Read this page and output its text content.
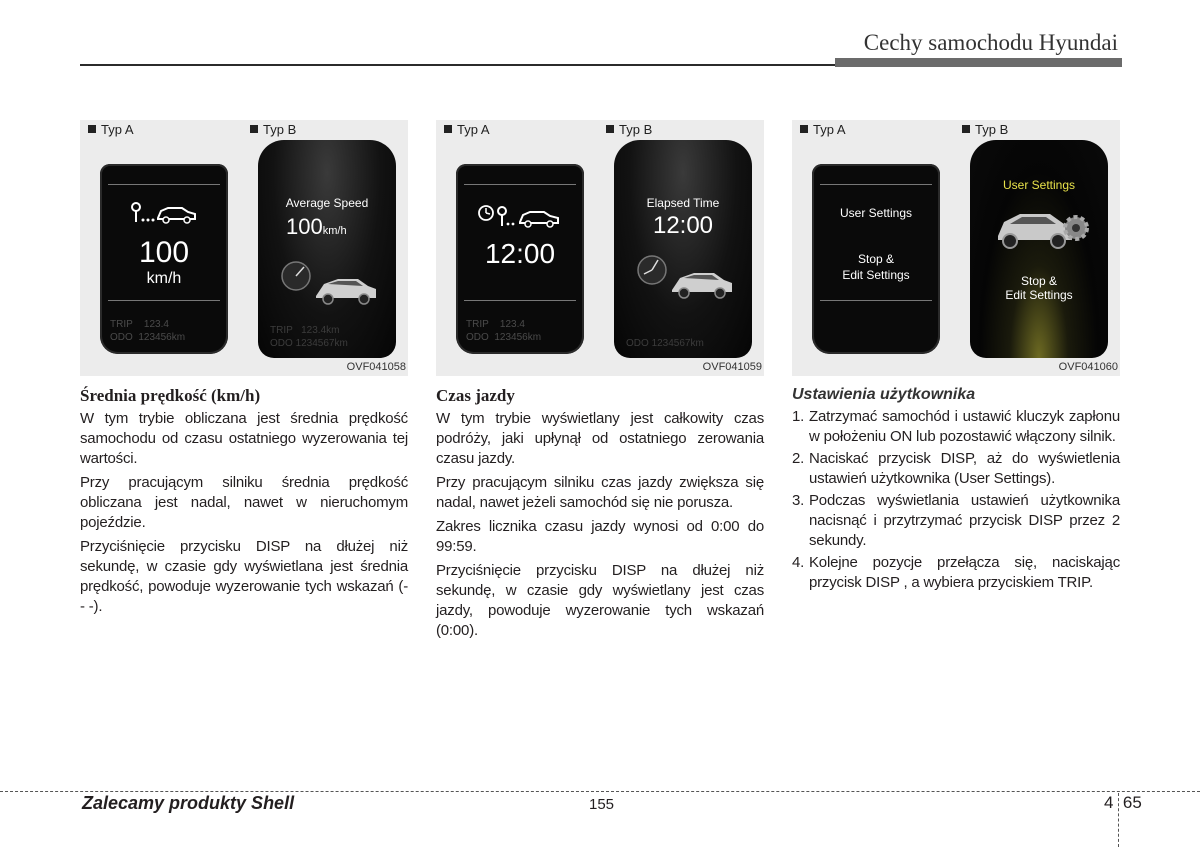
Cechy samochodu Hyundai
Typ A
100
km/h
TRIP 123.4
ODO 123456km
Typ B
Average Speed
100km/h
TRIP 123.4km
ODO 1234567km
OVF041058
Średnia prędkość (km/h)

W tym trybie obliczana jest średnia prędkość samochodu od czasu ostatniego wyzerowania tej wartości.

Przy pracującym silniku średnia prędkość obliczana jest nadal, nawet w nieruchomym pojeździe.

Przyciśnięcie przycisku DISP na dłużej niż sekundę, w czasie gdy wyświetlana jest średnia prędkość, powoduje wyzerowanie tych wskazań (- - -).

Typ A
12:00
TRIP 123.4
ODO 123456km
Typ B
Elapsed Time
12:00
ODO 1234567km
OVF041059
Czas jazdy

W tym trybie wyświetlany jest całkowity czas podróży, jaki upłynął od ostatniego zerowania czasu jazdy.

Przy pracującym silniku czas jazdy zwiększa się nadal, nawet jeżeli samochód się nie porusza.

Zakres licznika czasu jazdy wynosi od 0:00 do 99:59.

Przyciśnięcie przycisku DISP na dłużej niż sekundę, w czasie gdy wyświetlany jest czas jazdy, powoduje wyzerowanie tych wskazań (0:00).

Typ A
User Settings
Stop &
Edit Settings
Typ B
User Settings
Stop &
Edit Settings
OVF041060
Ustawienia użytkownika
1. Zatrzymać samochód i ustawić kluczyk zapłonu w położeniu ON lub pozostawić włączony silnik.
2. Naciskać przycisk DISP, aż do wyświetlenia ustawień użytkownika (User Settings).
3. Podczas wyświetlania ustawień użytkownika nacisnąć i przytrzymać przycisk DISP przez 2 sekundy.
4. Kolejne pozycje przełącza się, naciskając przycisk DISP , a wybiera przyciskiem TRIP.
Zalecamy produkty Shell	155	4 65
